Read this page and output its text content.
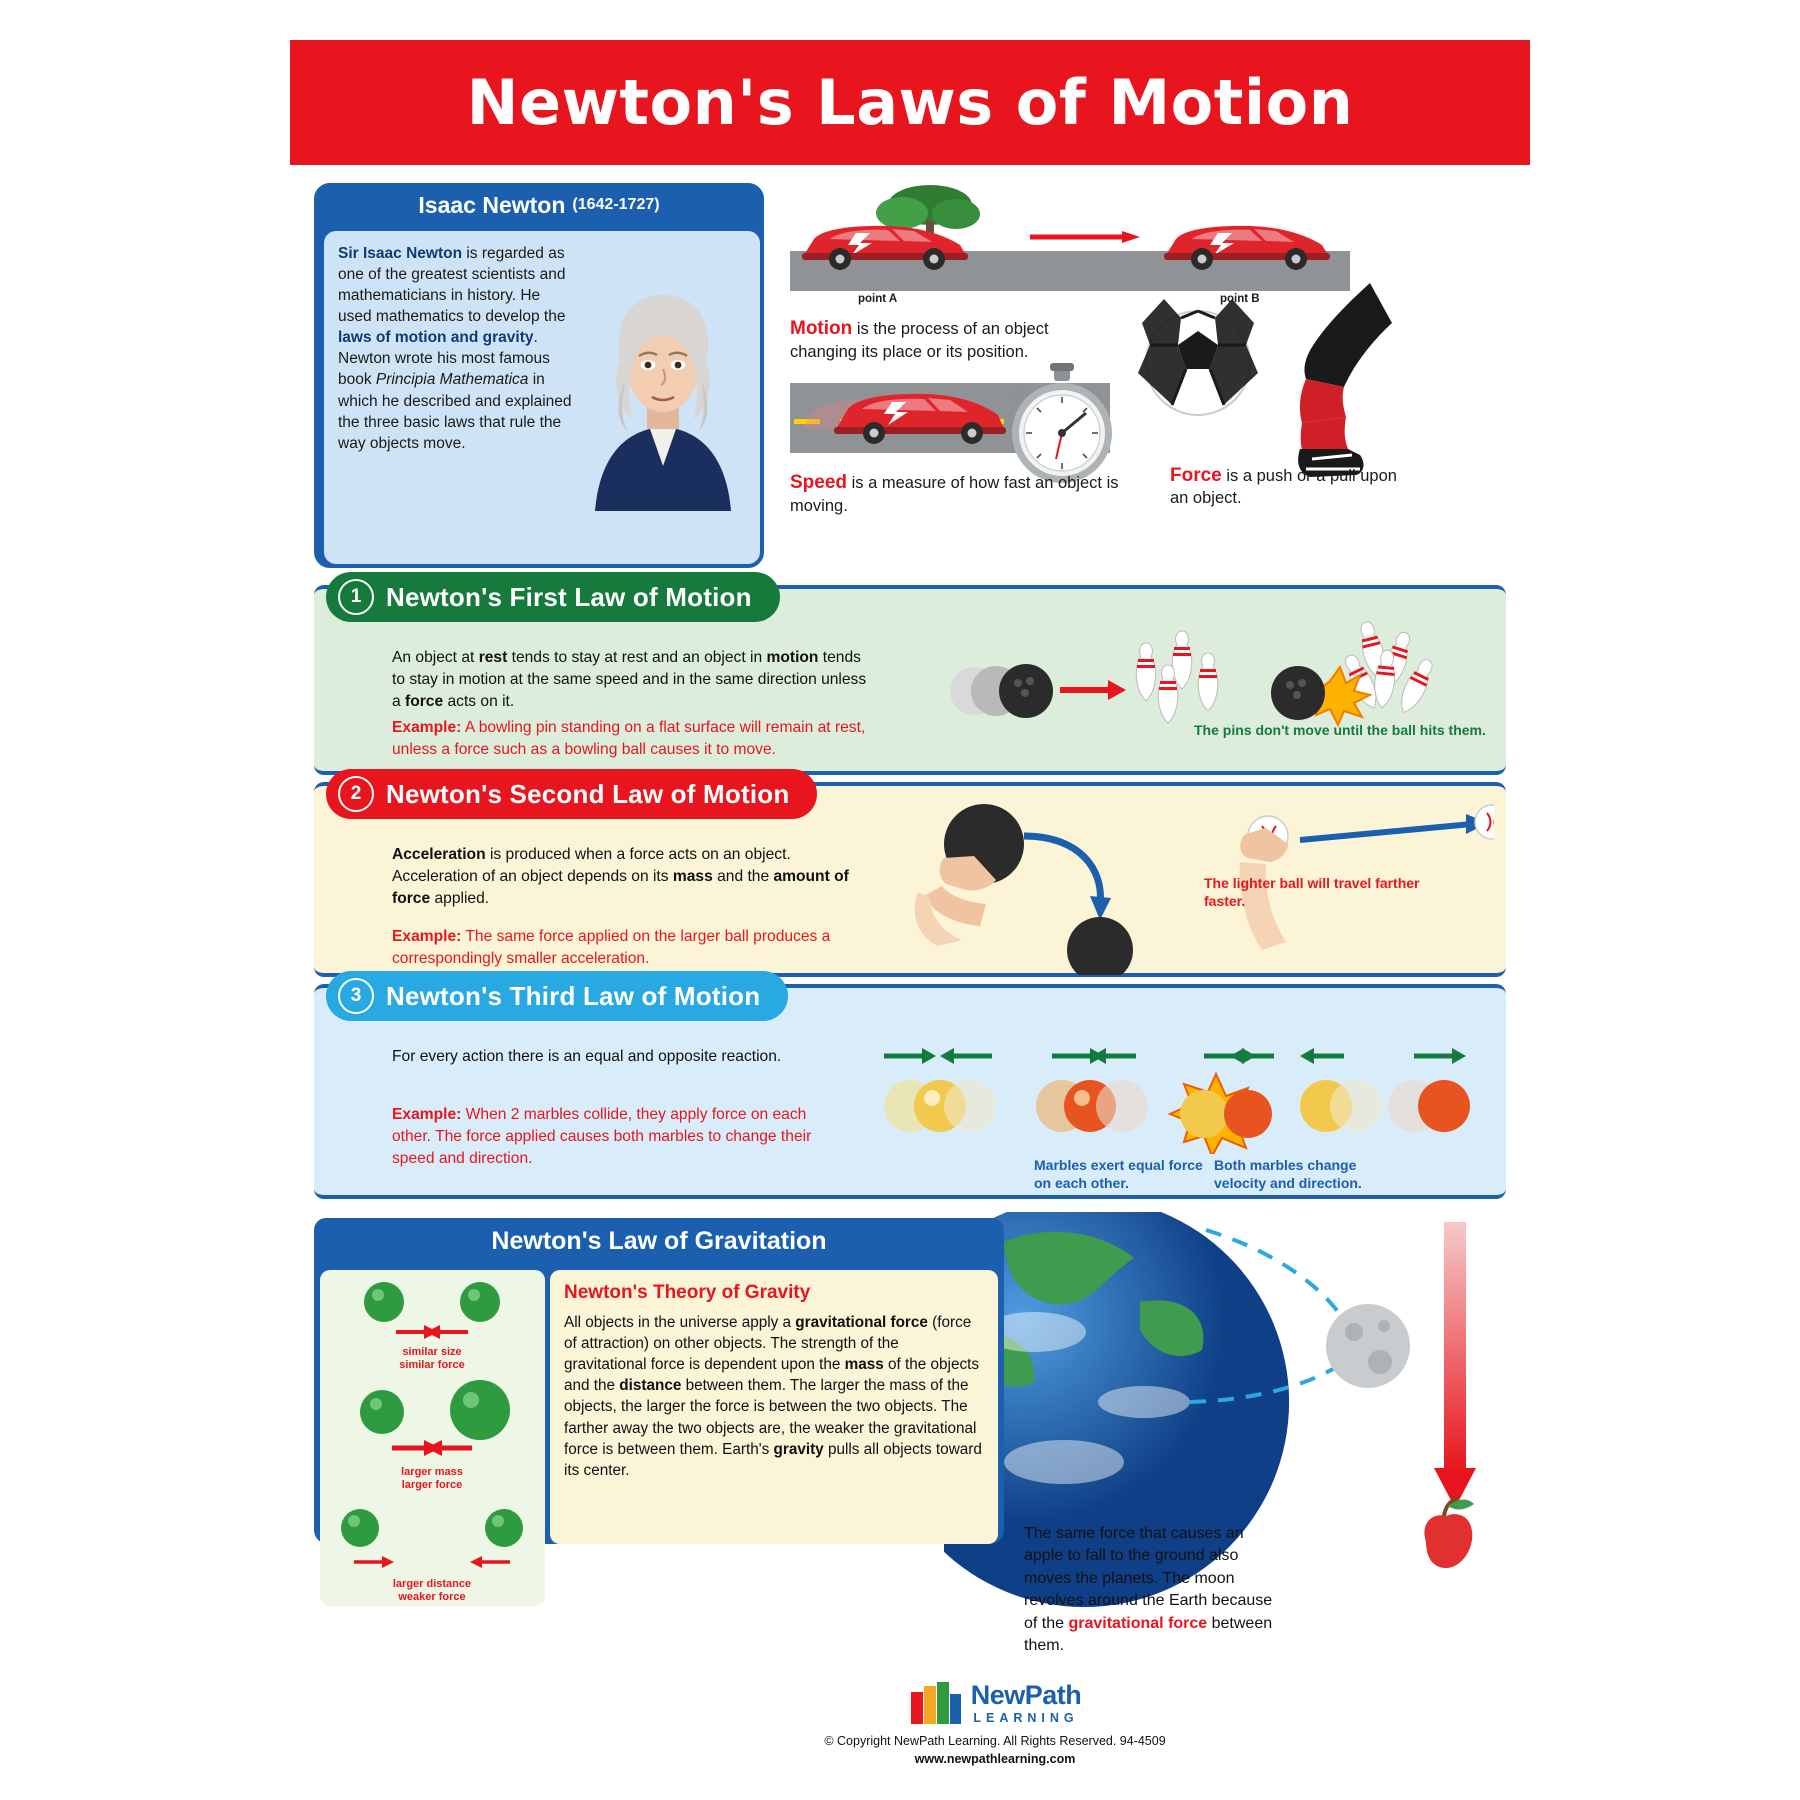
Newton's Laws of Motion
Isaac Newton (1642-1727)
Sir Isaac Newton is regarded as one of the greatest scientists and mathematicians in history. He used mathematics to develop the laws of motion and gravity. Newton wrote his most famous book Principia Mathematica in which he described and explained the three basic laws that rule the way objects move.
point A	point B
Motion is the process of an object changing its place or its position.
Speed is a measure of how fast an object is moving.
Force is a push or a pull upon an object.
1 Newton's First Law of Motion
An object at rest tends to stay at rest and an object in motion tends to stay in motion at the same speed and in the same direction unless a force acts on it.
Example: A bowling pin standing on a flat surface will remain at rest, unless a force such as a bowling ball causes it to move.
The pins don't move until the ball hits them.
2 Newton's Second Law of Motion
Acceleration is produced when a force acts on an object. Acceleration of an object depends on its mass and the amount of force applied.
Example: The same force applied on the larger ball produces a correspondingly smaller acceleration.
The lighter ball will travel farther faster.
3 Newton's Third Law of Motion
For every action there is an equal and opposite reaction.
Example: When 2 marbles collide, they apply force on each other. The force applied causes both marbles to change their speed and direction.	Marbles exert equal force on each other.
Both marbles change velocity and direction.
Newton's Law of Gravitation
similar size
similar force
larger mass
larger force
larger distance
weaker force
Newton's Theory of Gravity

All objects in the universe apply a gravitational force (force of attraction) on other objects. The strength of the gravitational force is dependent upon the mass of the objects and the distance between them. The larger the mass of the objects, the larger the force is between the two objects. The farther away the two objects are, the weaker the gravitational force is between them. Earth's gravity pulls all objects toward its center.

The same force that causes an apple to fall to the ground also moves the planets. The moon revolves around the Earth because of the gravitational force between them.
NewPath
LEARNING
© Copyright NewPath Learning. All Rights Reserved. 94-4509
www.newpathlearning.com
